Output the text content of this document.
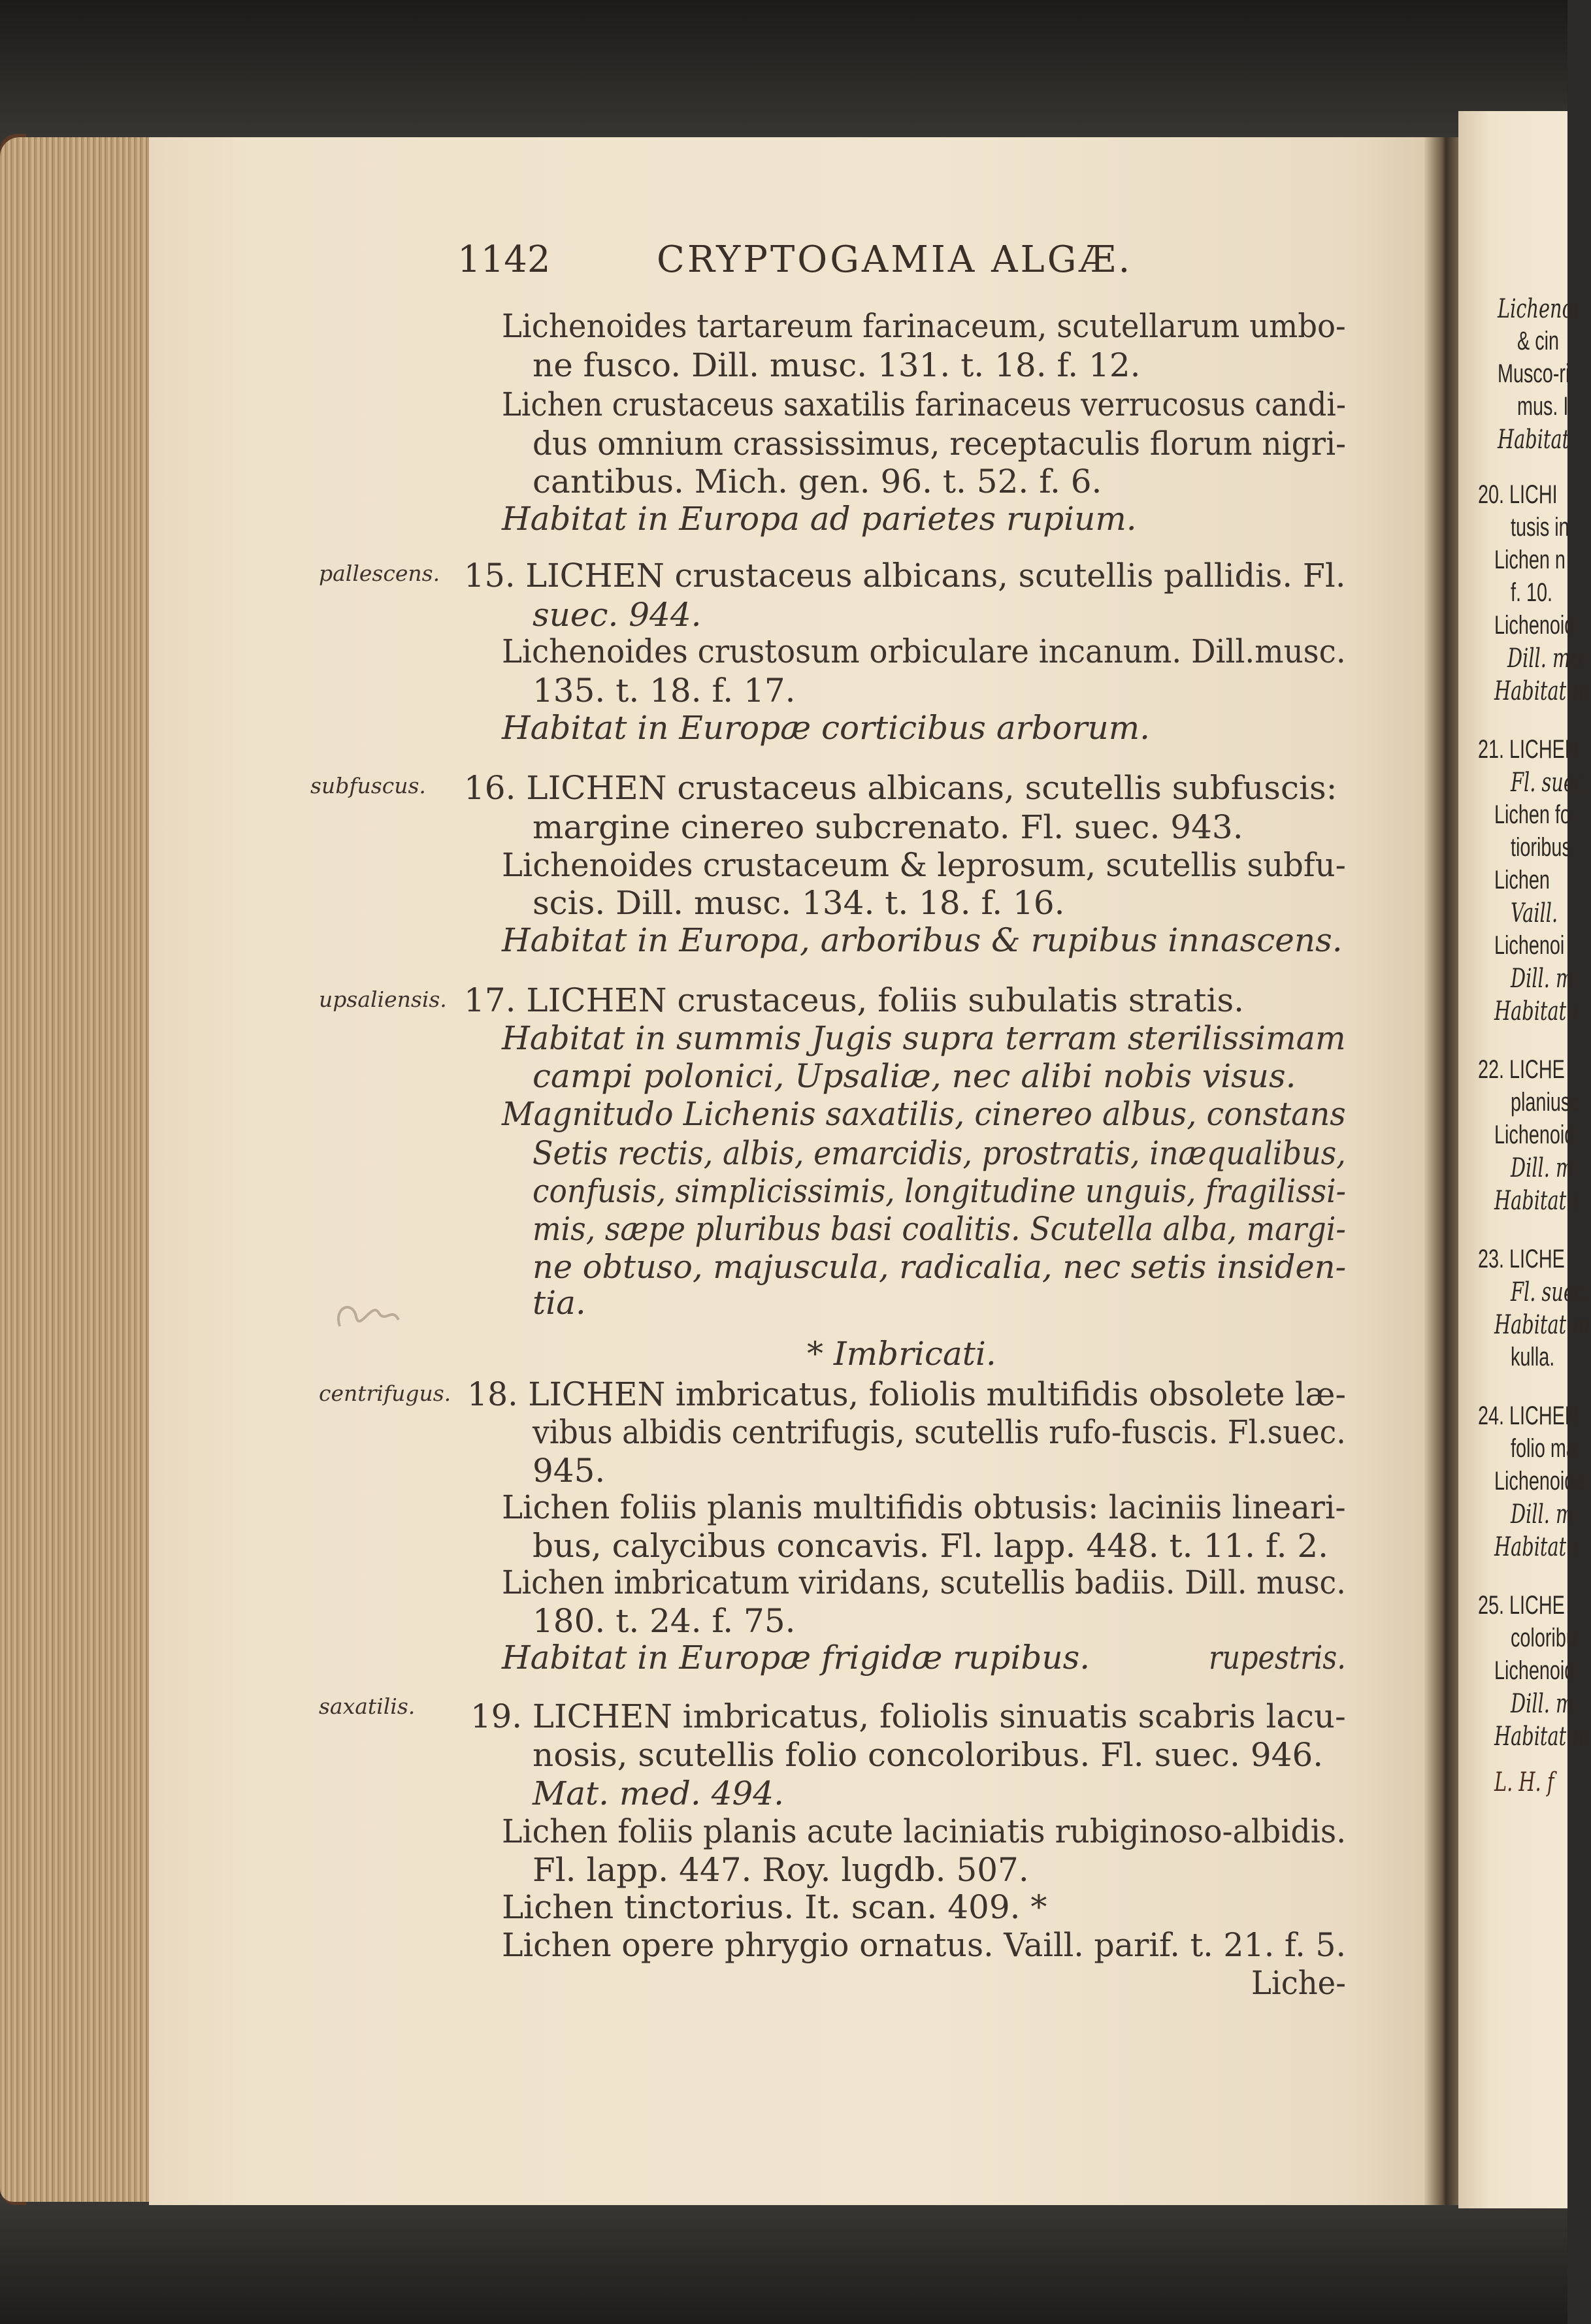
1142	CRYPTOGAMIA ALGÆ.
pallescens.
subfuscus.
upsaliensis.
centrifugus.
saxatilis.
Lichenoides tartareum farinaceum, scutellarum umbo-
ne fusco. Dill. musc. 131. t. 18. f. 12.
Lichen crustaceus saxatilis farinaceus verrucosus candi-
dus omnium crassissimus, receptaculis florum nigri-
cantibus. Mich. gen. 96. t. 52. f. 6.
Habitat in Europa ad parietes rupium.
15. LICHEN crustaceus albicans, scutellis pallidis. Fl.
suec. 944.
Lichenoides crustosum orbiculare incanum. Dill.musc.
135. t. 18. f. 17.
Habitat in Europæ corticibus arborum.
16. LICHEN crustaceus albicans, scutellis subfuscis:
margine cinereo subcrenato. Fl. suec. 943.
Lichenoides crustaceum & leprosum, scutellis subfu-
scis. Dill. musc. 134. t. 18. f. 16.
Habitat in Europa, arboribus & rupibus innascens.
17. LICHEN crustaceus, foliis subulatis stratis.
Habitat in summis Jugis supra terram sterilissimam
campi polonici, Upsaliæ, nec alibi nobis visus.
Magnitudo Lichenis saxatilis, cinereo albus, constans
Setis rectis, albis, emarcidis, prostratis, inæqualibus,
confusis, simplicissimis, longitudine unguis, fragilissi-
mis, sæpe pluribus basi coalitis. Scutella alba, margi-
ne obtuso, majuscula, radicalia, nec setis insiden-
tia.
* Imbricati.
18. LICHEN imbricatus, foliolis multifidis obsolete læ-
vibus albidis centrifugis, scutellis rufo-fuscis. Fl.suec.
945.
Lichen foliis planis multifidis obtusis: laciniis lineari-
bus, calycibus concavis. Fl. lapp. 448. t. 11. f. 2.
Lichen imbricatum viridans, scutellis badiis. Dill. musc.
180. t. 24. f. 75.
Habitat in Europæ frigidæ rupibus.	rupestris.
19. LICHEN imbricatus, foliolis sinuatis scabris lacu-
nosis, scutellis folio concoloribus. Fl. suec. 946.
Mat. med. 494.
Lichen foliis planis acute laciniatis rubiginoso-albidis.
Fl. lapp. 447. Roy. lugdb. 507.
Lichen tinctorius. It. scan. 409. *
Lichen opere phrygio ornatus. Vaill. parif. t. 21. f. 5.
Liche-
Lichenoi
& cin
Musco-ri
mus. I
Habitat
20. LICHI
tusis in
Lichen n
f. 10.
Lichenoid
Dill. mu
Habitat in
21. LICHEN
Fl. suec.
Lichen fo
tioribus
Lichen
Vaill.
Lichenoi
Dill. m
Habitat i
22. LICHE
planiusc
Lichenoid
Dill. m
Habitat i
23. LICHE
Fl. suec.
Habitat in
kulla.
24. LICHEN
folio ma
Lichenoide
Dill. m
Habitat i
25. LICHE
coloribu
Lichenoid
Dill. m
Habitat in
L. H. f
